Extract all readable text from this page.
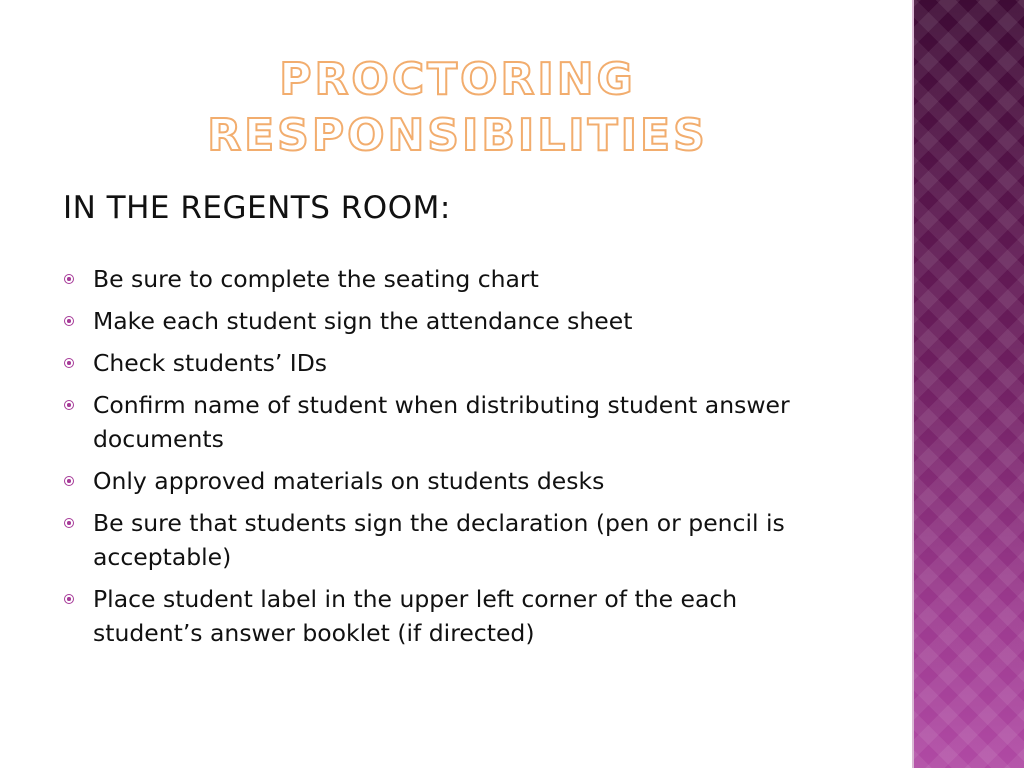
PROCTORING
RESPONSIBILITIES
IN THE REGENTS ROOM:
Be sure to complete the seating chart
Make each student sign the attendance sheet
Check students’ IDs
Confirm name of student when distributing student answer documents
Only approved materials on students desks
Be sure that students sign the declaration (pen or pencil is acceptable)
Place student label in the upper left corner of the each student’s answer booklet (if directed)
